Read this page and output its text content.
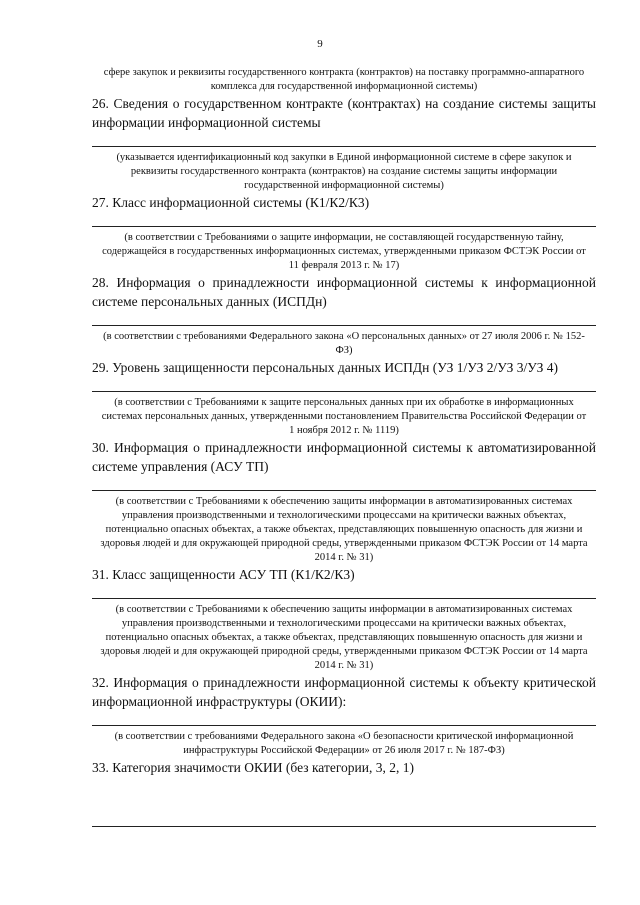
9
сфере закупок и реквизиты государственного контракта (контрактов) на поставку программно-аппаратного комплекса для государственной информационной системы)
26. Сведения о государственном контракте (контрактах) на создание системы защиты информации информационной системы
(указывается идентификационный код закупки в Единой информационной системе в сфере закупок и реквизиты государственного контракта (контрактов) на создание системы защиты информации государственной информационной системы)
27. Класс информационной системы (К1/К2/К3)
(в соответствии с Требованиями о защите информации, не составляющей государственную тайну, содержащейся в государственных информационных системах, утвержденными приказом ФСТЭК России от 11 февраля 2013 г. № 17)
28. Информация о принадлежности информационной системы к информационной системе персональных данных (ИСПДн)
(в соответствии с требованиями Федерального закона «О персональных данных» от 27 июля 2006 г. № 152-ФЗ)
29. Уровень защищенности персональных данных ИСПДн (УЗ 1/УЗ 2/УЗ 3/УЗ 4)
(в соответствии с Требованиями к защите персональных данных при их обработке в информационных системах персональных данных, утвержденными постановлением Правительства Российской Федерации от 1 ноября 2012 г. № 1119)
30. Информация о принадлежности информационной системы к автоматизированной системе управления (АСУ ТП)
(в соответствии с Требованиями к обеспечению защиты информации в автоматизированных системах управления производственными и технологическими процессами на критически важных объектах, потенциально опасных объектах, а также объектах, представляющих повышенную опасность для жизни и здоровья людей и для окружающей природной среды, утвержденными приказом ФСТЭК России от 14 марта 2014 г. № 31)
31. Класс защищенности АСУ ТП (К1/К2/К3)
(в соответствии с Требованиями к обеспечению защиты информации в автоматизированных системах управления производственными и технологическими процессами на критически важных объектах, потенциально опасных объектах, а также объектах, представляющих повышенную опасность для жизни и здоровья людей и для окружающей природной среды, утвержденными приказом ФСТЭК России от 14 марта 2014 г. № 31)
32. Информация о принадлежности информационной системы к объекту критической информационной инфраструктуры (ОКИИ):
(в соответствии с требованиями Федерального закона «О безопасности критической информационной инфраструктуры Российской Федерации» от 26 июля 2017 г. № 187-ФЗ)
33. Категория значимости ОКИИ (без категории, 3, 2, 1)
